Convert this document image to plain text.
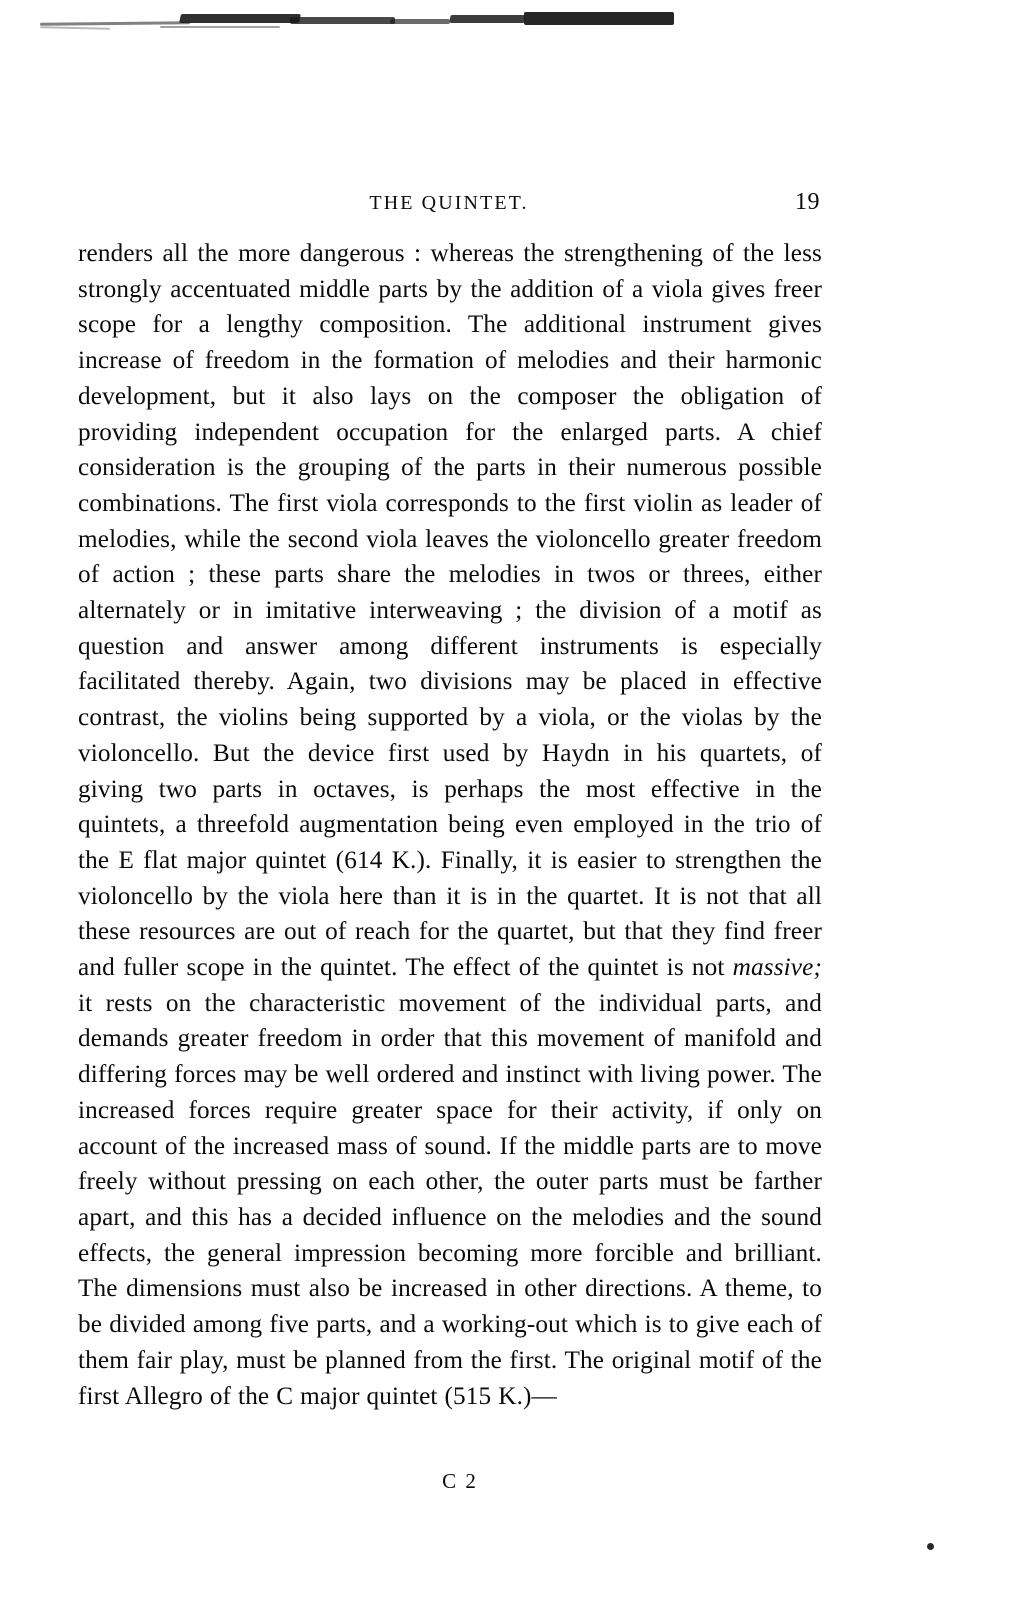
THE QUINTET.	19

renders all the more dangerous : whereas the strengthening of the less strongly accentuated middle parts by the addition of a viola gives freer scope for a lengthy composition. The additional instrument gives increase of freedom in the formation of melodies and their harmonic development, but it also lays on the composer the obligation of providing independent occupation for the enlarged parts. A chief consideration is the grouping of the parts in their numerous possible combinations. The first viola corresponds to the first violin as leader of melodies, while the second viola leaves the violoncello greater freedom of action ; these parts share the melodies in twos or threes, either alternately or in imitative interweaving ; the division of a motif as question and answer among different instruments is especially facilitated thereby. Again, two divisions may be placed in effective contrast, the violins being supported by a viola, or the violas by the violoncello. But the device first used by Haydn in his quartets, of giving two parts in octaves, is perhaps the most effective in the quintets, a threefold augmentation being even employed in the trio of the E flat major quintet (614 K.). Finally, it is easier to strengthen the violoncello by the viola here than it is in the quartet. It is not that all these resources are out of reach for the quartet, but that they find freer and fuller scope in the quintet. The effect of the quintet is not massive; it rests on the characteristic movement of the individual parts, and demands greater freedom in order that this movement of manifold and differing forces may be well ordered and instinct with living power. The increased forces require greater space for their activity, if only on account of the increased mass of sound. If the middle parts are to move freely without pressing on each other, the outer parts must be farther apart, and this has a decided influence on the melodies and the sound effects, the general impression becoming more forcible and brilliant. The dimensions must also be increased in other directions. A theme, to be divided among five parts, and a working-out which is to give each of them fair play, must be planned from the first. The original motif of the first Allegro of the C major quintet (515 K.)—

C 2
